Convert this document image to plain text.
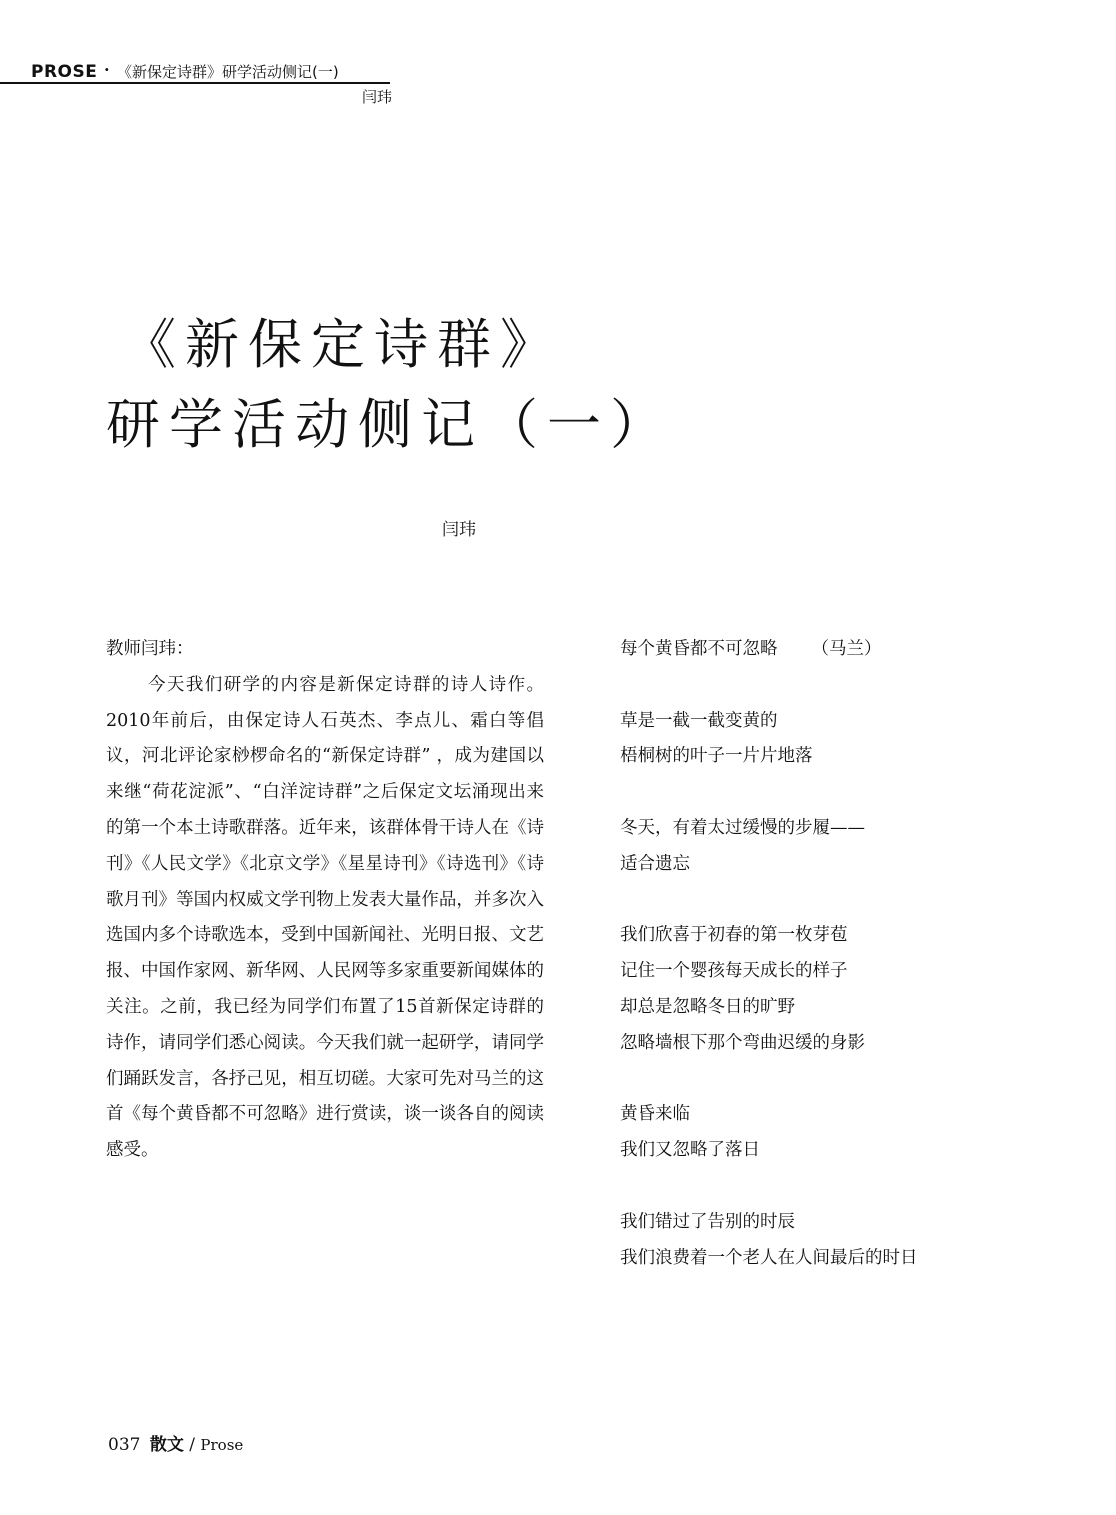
PROSE · 《新保定诗群》研学活动侧记(一)
闫玮
《新保定诗群》
研学活动侧记（一）
闫玮

教师闫玮：

今天我们研学的内容是新保定诗群的诗人诗作。2010年前后，由保定诗人石英杰、李点儿、霜白等倡议，河北评论家桫椤命名的“新保定诗群” ，成为建国以来继“荷花淀派”、“白洋淀诗群”之后保定文坛涌现出来的第一个本土诗歌群落。近年来，该群体骨干诗人在《诗刊》《人民文学》《北京文学》《星星诗刊》《诗选刊》《诗歌月刊》等国内权威文学刊物上发表大量作品，并多次入选国内多个诗歌选本，受到中国新闻社、光明日报、文艺报、中国作家网、新华网、人民网等多家重要新闻媒体的关注。之前，我已经为同学们布置了15首新保定诗群的诗作，请同学们悉心阅读。今天我们就一起研学，请同学们踊跃发言，各抒己见，相互切磋。大家可先对马兰的这首《每个黄昏都不可忽略》进行赏读，谈一谈各自的阅读感受。

每个黄昏都不可忽略 （马兰）

草是一截一截变黄的
梧桐树的叶子一片片地落
冬天，有着太过缓慢的步履——
适合遗忘
我们欣喜于初春的第一枚芽苞
记住一个婴孩每天成长的样子
却总是忽略冬日的旷野
忽略墙根下那个弯曲迟缓的身影
黄昏来临
我们又忽略了落日
我们错过了告别的时辰
我们浪费着一个老人在人间最后的时日
037 散文 / Prose
